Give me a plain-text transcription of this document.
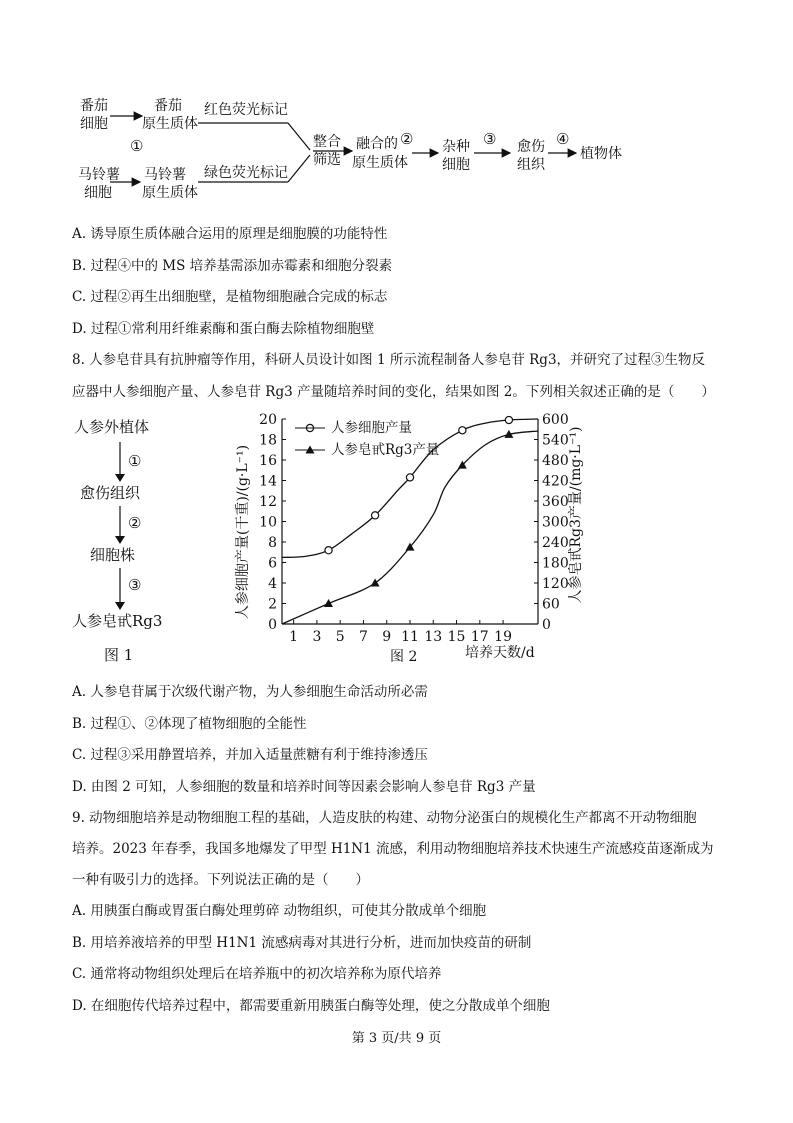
番茄
细胞
番茄
原生质体
①
马铃薯
细胞
马铃薯
原生质体
红色荧光标记
绿色荧光标记
整合
筛选
融合的
原生质体
② 杂种
细胞
③ 愈伤
组织
④
植物体
A. 诱导原生质体融合运用的原理是细胞膜的功能特性
B. 过程④中的 MS 培养基需添加赤霉素和细胞分裂素
C. 过程②再生出细胞壁，是植物细胞融合完成的标志
D. 过程①常利用纤维素酶和蛋白酶去除植物细胞壁
8. 人参皂苷具有抗肿瘤等作用，科研人员设计如图 1 所示流程制备人参皂苷 Rg3，并研究了过程③生物反
应器中人参细胞产量、人参皂苷 Rg3 产量随培养时间的变化，结果如图 2。下列相关叙述正确的是（　　）
人参外植体
①
愈伤组织
②
细胞株
③
人参皂甙Rg3
图 1
0
2
4
6
8
10
12
14
16
18
20
0
60
120
180
240
300
360
420
480
540
600
1 3 5 7 9 11 13 15 17 19
培养天数/d
图 2
人参细胞产量(干重)/(g·L⁻¹)	人参皂甙Rg3产量/(mg·L⁻¹)
人参细胞产量
人参皂甙Rg3产量
A. 人参皂苷属于次级代谢产物，为人参细胞生命活动所必需
B. 过程①、②体现了植物细胞的全能性
C. 过程③采用静置培养，并加入适量蔗糖有利于维持渗透压
D. 由图 2 可知，人参细胞的数量和培养时间等因素会影响人参皂苷 Rg3 产量
9. 动物细胞培养是动物细胞工程的基础，人造皮肤的构建、动物分泌蛋白的规模化生产都离不开动物细胞
培养。2023 年春季，我国多地爆发了甲型 H1N1 流感，利用动物细胞培养技术快速生产流感疫苗逐渐成为
一种有吸引力的选择。下列说法正确的是（　　）
A. 用胰蛋白酶或胃蛋白酶处理剪碎 动物组织，可使其分散成单个细胞
B. 用培养液培养的甲型 H1N1 流感病毒对其进行分析，进而加快疫苗的研制
C. 通常将动物组织处理后在培养瓶中的初次培养称为原代培养
D. 在细胞传代培养过程中，都需要重新用胰蛋白酶等处理，使之分散成单个细胞
第 3 页/共 9 页
